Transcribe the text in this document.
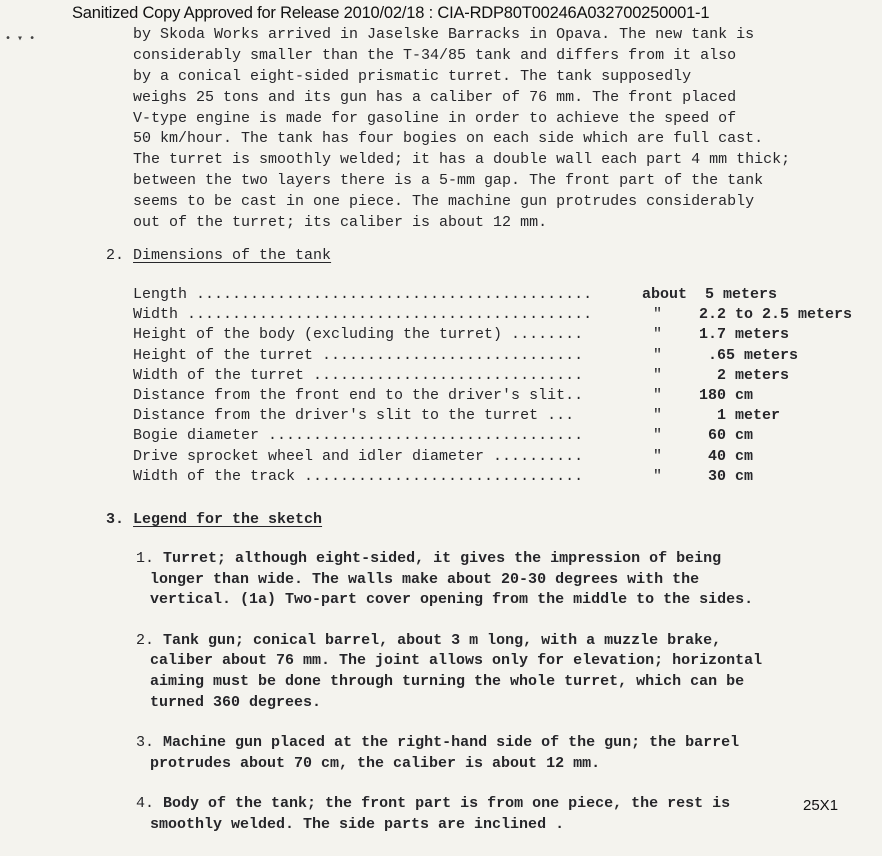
Sanitized Copy Approved for Release 2010/02/18 : CIA-RDP80T00246A032700250001-1
• ▾ •	by Skoda Works arrived in Jaselske Barracks in Opava. The new tank is
considerably smaller than the T-34/85 tank and differs from it also
by a conical eight-sided prismatic turret. The tank supposedly
weighs 25 tons and its gun has a caliber of 76 mm. The front placed
V-type engine is made for gasoline in order to achieve the speed of
50 km/hour. The tank has four bogies on each side which are full cast.
The turret is smoothly welded; it has a double wall each part 4 mm thick;
between the two layers there is a 5-mm gap. The front part of the tank
seems to be cast in one piece. The machine gun protrudes considerably
out of the turret; its caliber is about 12 mm.
2. Dimensions of the tank
Length ............................................	about  5 meters
Width .............................................	" 2.2 to 2.5 meters
Height of the body (excluding the turret) ........	" 1.7 meters
Height of the turret .............................	" .65 meters
Width of the turret ..............................	" 2 meters
Distance from the front end to the driver's slit..	" 180 cm
Distance from the driver's slit to the turret ...	" 1 meter
Bogie diameter ...................................	" 60 cm
Drive sprocket wheel and idler diameter ..........	" 40 cm
Width of the track ...............................	" 30 cm
3. Legend for the sketch
1. Turret; although eight-sided, it gives the impression of being
longer than wide. The walls make about 20-30 degrees with the
vertical. (1a) Two-part cover opening from the middle to the sides.
2. Tank gun; conical barrel, about 3 m long, with a muzzle brake,
caliber about 76 mm. The joint allows only for elevation; horizontal
aiming must be done through turning the whole turret, which can be
turned 360 degrees.
3. Machine gun placed at the right-hand side of the gun; the barrel
protrudes about 70 cm, the caliber is about 12 mm.
4. Body of the tank; the front part is from one piece, the rest is
smoothly welded. The side parts are inclined .
25X1
